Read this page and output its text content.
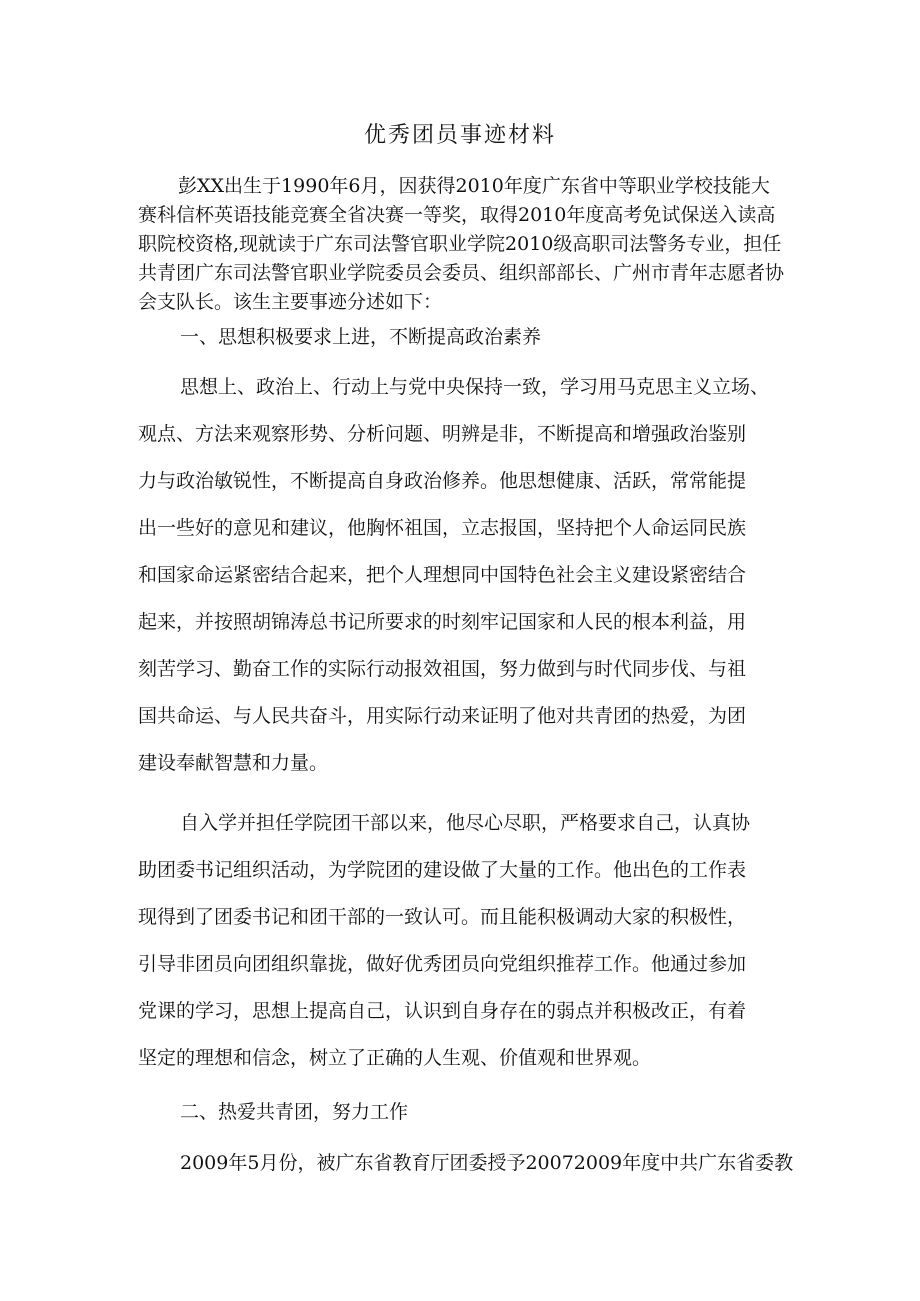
优秀团员事迹材料

彭XX出生于1990年6月，因获得2010年度广东省中等职业学校技能大赛科信杯英语技能竞赛全省决赛一等奖，取得2010年度高考免试保送入读高职院校资格,现就读于广东司法警官职业学院2010级高职司法警务专业，担任共青团广东司法警官职业学院委员会委员、组织部部长、广州市青年志愿者协会支队长。该生主要事迹分述如下：

一、思想积极要求上进，不断提高政治素养

思想上、政治上、行动上与党中央保持一致，学习用马克思主义立场、

观点、方法来观察形势、分析问题、明辨是非，不断提高和增强政治鉴别

力与政治敏锐性，不断提高自身政治修养。他思想健康、活跃，常常能提

出一些好的意见和建议，他胸怀祖国，立志报国，坚持把个人命运同民族

和国家命运紧密结合起来，把个人理想同中国特色社会主义建设紧密结合

起来，并按照胡锦涛总书记所要求的时刻牢记国家和人民的根本利益，用

刻苦学习、勤奋工作的实际行动报效祖国，努力做到与时代同步伐、与祖

国共命运、与人民共奋斗，用实际行动来证明了他对共青团的热爱，为团

建设奉献智慧和力量。

自入学并担任学院团干部以来，他尽心尽职，严格要求自己，认真协

助团委书记组织活动，为学院团的建设做了大量的工作。他出色的工作表

现得到了团委书记和团干部的一致认可。而且能积极调动大家的积极性，

引导非团员向团组织靠拢，做好优秀团员向党组织推荐工作。他通过参加

党课的学习，思想上提高自己，认识到自身存在的弱点并积极改正，有着

坚定的理想和信念，树立了正确的人生观、价值观和世界观。

二、热爱共青团，努力工作

2009年5月份，被广东省教育厅团委授予20072009年度中共广东省委教
